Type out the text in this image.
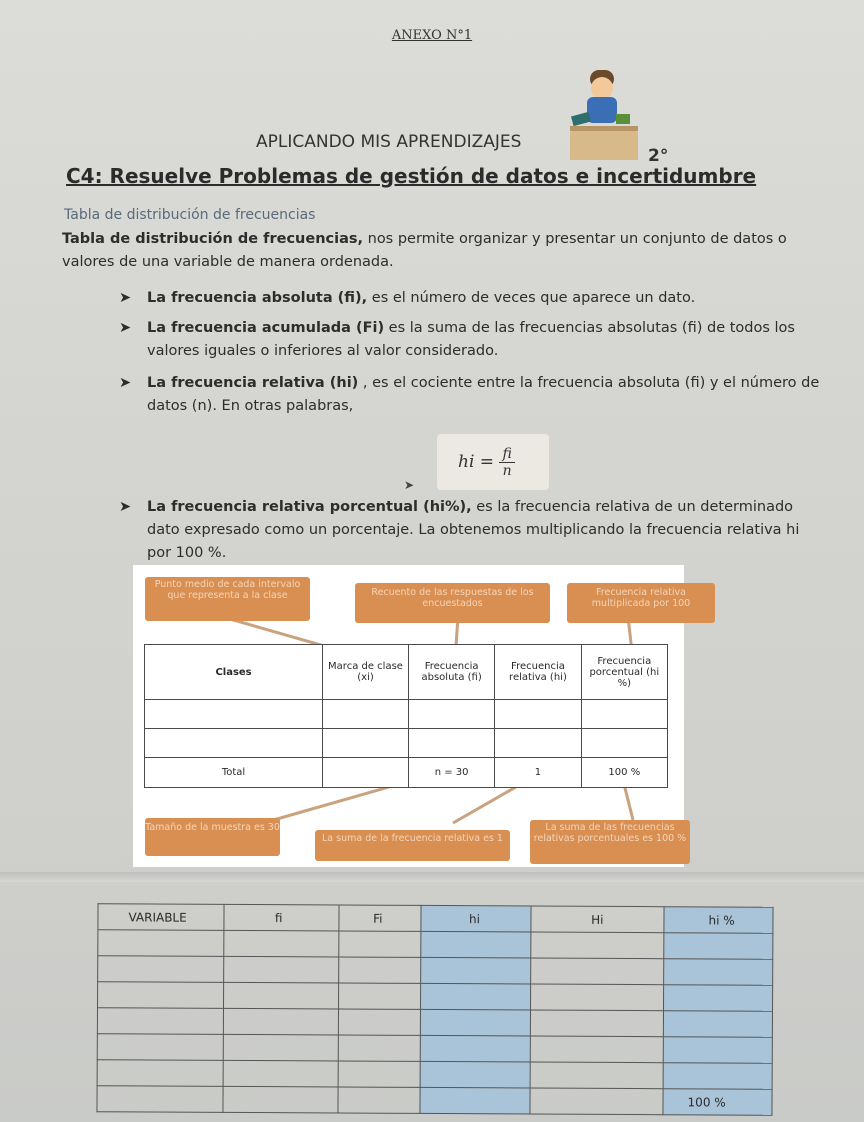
ANEXO N°1
APLICANDO MIS APRENDIZAJES
2°
C4: Resuelve Problemas de gestión de datos e incertidumbre
Tabla de distribución de frecuencias
Tabla de distribución de frecuencias, nos permite organizar y presentar un conjunto de datos o valores de una variable de manera ordenada.
➤ La frecuencia absoluta (fi), es el número de veces que aparece un dato.
➤ La frecuencia acumulada (Fi) es la suma de las frecuencias absolutas (fi) de todos los valores iguales o inferiores al valor considerado.
➤ La frecuencia relativa (hi) , es el cociente entre la frecuencia absoluta (fi) y el número de datos (n). En otras palabras,
hi = $\frac{fi}{n}$
➤
➤ La frecuencia relativa porcentual (hi%), es la frecuencia relativa de un determinado dato expresado como un porcentaje. La obtenemos multiplicando la frecuencia relativa hi por 100 %.
Punto medio de cada intervalo que representa a la clase	Recuento de las respuestas de los encuestados
Frecuencia relativa multiplicada por 100
Clases	Marca de clase (xi)	Frecuencia absoluta (fi)	Frecuencia relativa (hi)	Frecuencia porcentual (hi %)

Total		n = 30	1	100 %
Tamaño de la muestra es 30
La suma de la frecuencia relativa es 1
La suma de las frecuencias relativas porcentuales es 100 %
VARIABLE	fi	Fi	hi	Hi	hi %

					100 %
